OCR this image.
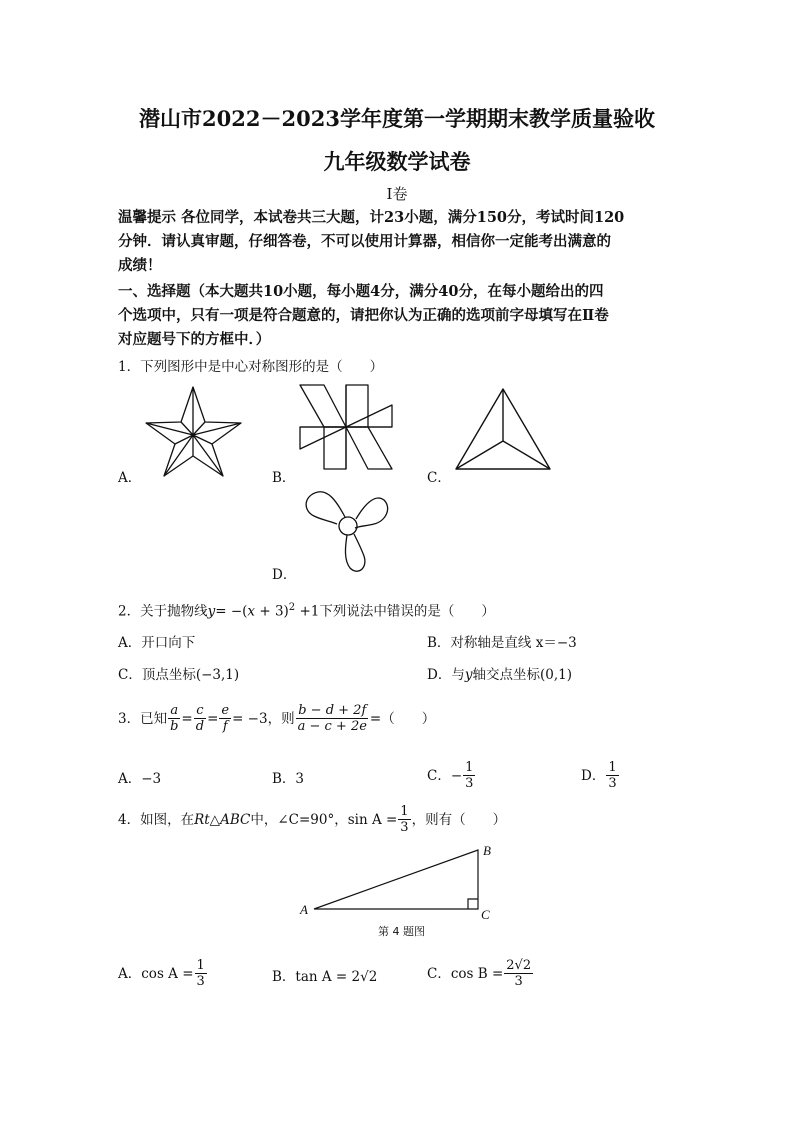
潜山市2022－2023学年度第一学期期末教学质量验收
九年级数学试卷
Ⅰ卷
温馨提示 各位同学，本试卷共三大题，计23小题，满分150分，考试时间120
分钟．请认真审题，仔细答卷，不可以使用计算器，相信你一定能考出满意的
成绩！
一、选择题（本大题共10小题，每小题4分，满分40分，在每小题给出的四
个选项中，只有一项是符合题意的，请把你认为正确的选项前字母填写在Ⅱ卷
对应题号下的方框中．）
1．下列图形中是中心对称图形的是（　　）
A．	B．	C．
D．
2．关于抛物线$y= -(x + 3)^2 +1$下列说法中错误的是（　　）
A．开口向下	B．对称轴是直线 x＝−3
C．顶点坐标(−3,1)	D．与y轴交点坐标(0,1)
3．已知 $\frac{a}{b} = \frac{c}{d} = \frac{e}{f} = -3$ ，则 $\frac{b - d + 2f}{a - c + 2e}$ =（　　）
A．−3	B．3	C．− $\frac{1}{3}$	D． $\frac{1}{3}$
4．如图，在 Rt△ABC 中，∠C=90°，$\sin A = \frac{1}{3}$ ，则有（　　）
A
B
C
第 4 题图
A．$\cos A = \frac{1}{3}$	B．tan A = 2√2	C．$\cos B = \frac{2√2}{3}$
